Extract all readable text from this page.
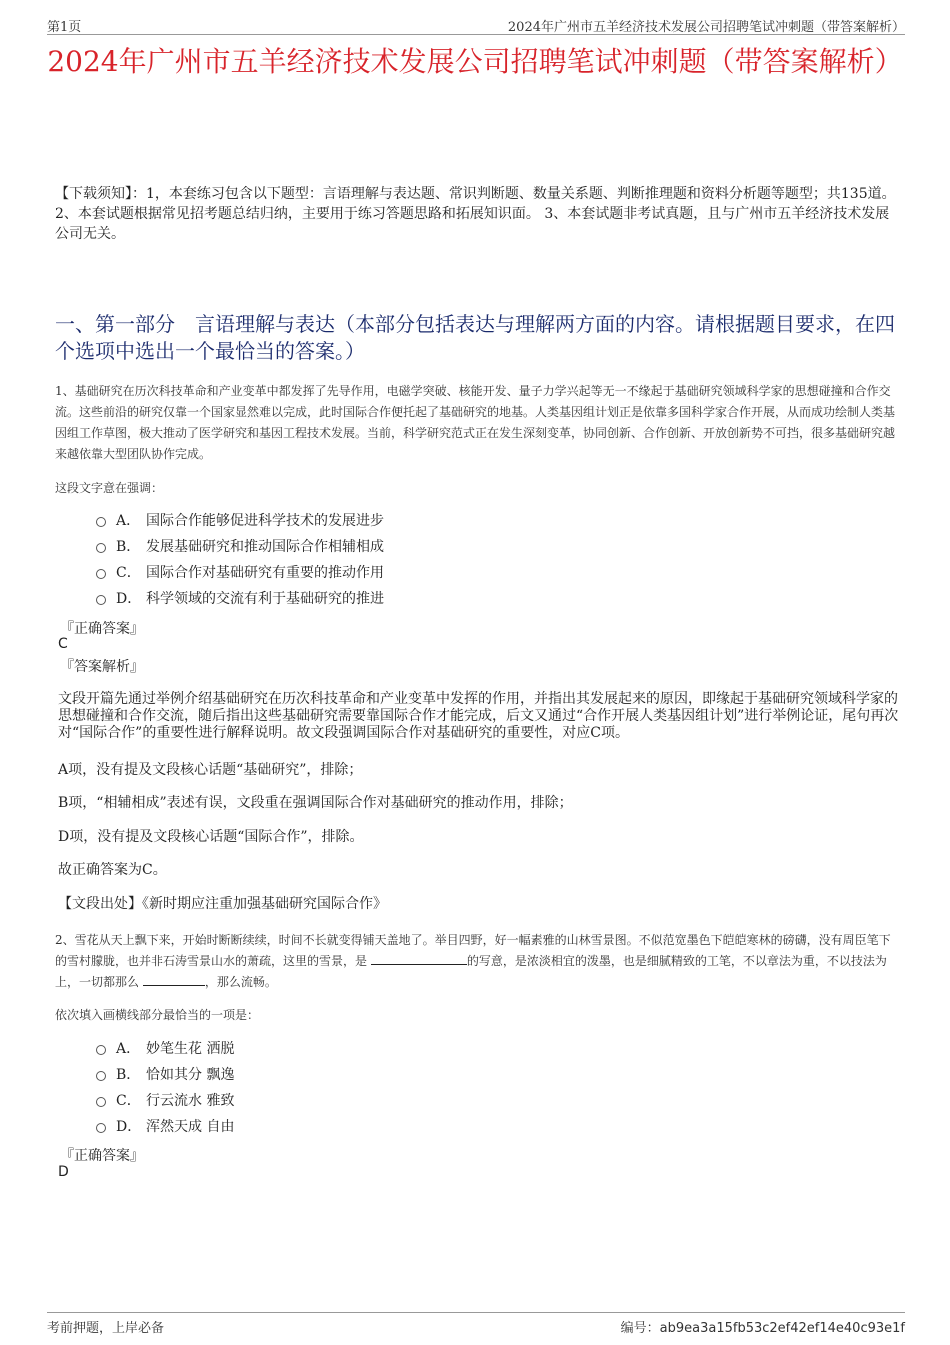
第1页	2024年广州市五羊经济技术发展公司招聘笔试冲刺题（带答案解析）
2024年广州市五羊经济技术发展公司招聘笔试冲刺题（带答案解析）

【下载须知】：1，本套练习包含以下题型：言语理解与表达题、常识判断题、数量关系题、判断推理题和资料分析题等题型；共135道。 2、本套试题根据常见招考题总结归纳，主要用于练习答题思路和拓展知识面。 3、本套试题非考试真题，且与广州市五羊经济技术发展公司无关。

一、第一部分　言语理解与表达（本部分包括表达与理解两方面的内容。请根据题目要求，在四个选项中选出一个最恰当的答案。）

1、基础研究在历次科技革命和产业变革中都发挥了先导作用，电磁学突破、核能开发、量子力学兴起等无一不缘起于基础研究领域科学家的思想碰撞和合作交流。这些前沿的研究仅靠一个国家显然难以完成，此时国际合作便托起了基础研究的地基。人类基因组计划正是依靠多国科学家合作开展，从而成功绘制人类基因组工作草图，极大推动了医学研究和基因工程技术发展。当前，科学研究范式正在发生深刻变革，协同创新、合作创新、开放创新势不可挡，很多基础研究越来越依靠大型团队协作完成。

这段文字意在强调：

A． 国际合作能够促进科学技术的发展进步
B． 发展基础研究和推动国际合作相辅相成
C． 国际合作对基础研究有重要的推动作用
D． 科学领域的交流有利于基础研究的推进

『正确答案』

C

『答案解析』

文段开篇先通过举例介绍基础研究在历次科技革命和产业变革中发挥的作用，并指出其发展起来的原因，即缘起于基础研究领域科学家的思想碰撞和合作交流，随后指出这些基础研究需要靠国际合作才能完成，后文又通过“合作开展人类基因组计划”进行举例论证，尾句再次对“国际合作”的重要性进行解释说明。故文段强调国际合作对基础研究的重要性，对应C项。

A项，没有提及文段核心话题“基础研究”，排除；

B项，“相辅相成”表述有误，文段重在强调国际合作对基础研究的推动作用，排除；

D项，没有提及文段核心话题“国际合作”，排除。

故正确答案为C。

【文段出处】《新时期应注重加强基础研究国际合作》

2、雪花从天上飘下来，开始时断断续续，时间不长就变得铺天盖地了。举目四野，好一幅素雅的山林雪景图。不似范宽墨色下皑皑寒林的磅礴，没有周臣笔下的雪村朦胧，也并非石涛雪景山水的萧疏，这里的雪景，是	的写意，是浓淡相宜的泼墨，也是细腻精致的工笔，不以章法为重，不以技法为上，一切都那么	，那么流畅。

依次填入画横线部分最恰当的一项是：

A． 妙笔生花 洒脱
B． 恰如其分 飘逸
C． 行云流水 雅致
D． 浑然天成 自由

『正确答案』

D

考前押题，上岸必备	编号：ab9ea3a15fb53c2ef42ef14e40c93e1f
